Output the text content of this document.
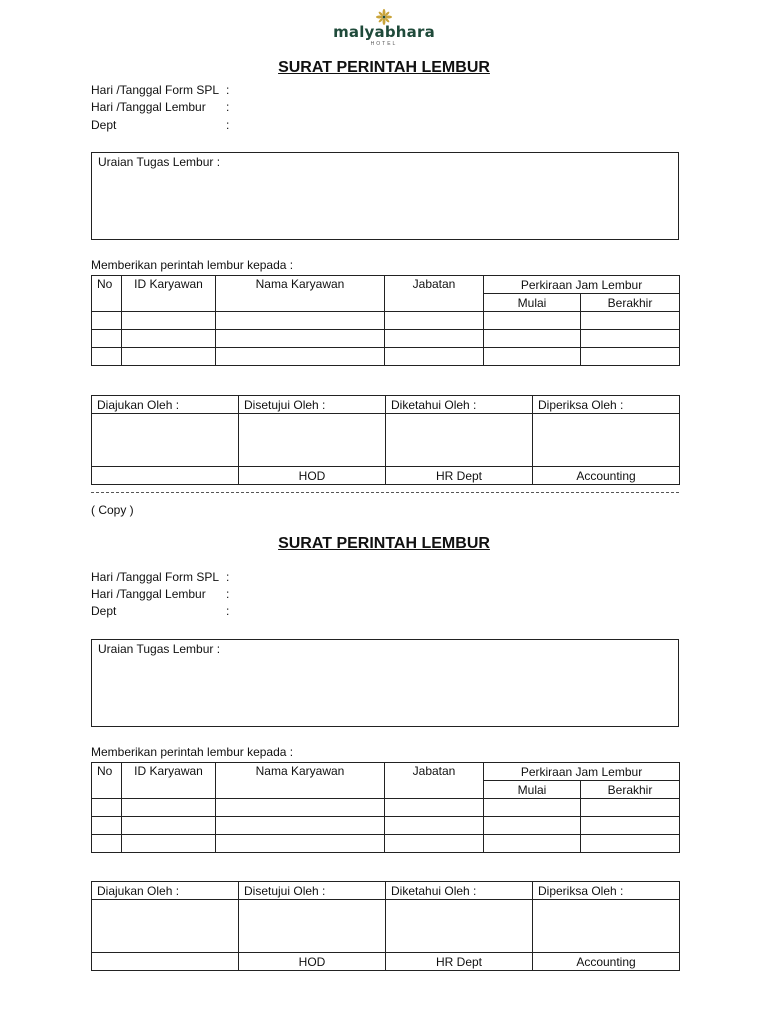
malyabhara
HOTEL
SURAT PERINTAH LEMBUR
Hari /Tanggal Form SPL :
Hari /Tanggal Lembur :
Dept	:
Uraian Tugas Lembur :
Memberikan perintah lembur kepada :
No	ID Karyawan	Nama Karyawan	Jabatan	Perkiraan Jam Lembur	
				Mulai	Berakhir

Diajukan Oleh :	Disetujui Oleh :	Diketahui Oleh :	Diperiksa Oleh :

	HOD	HR Dept	Accounting
( Copy )
SURAT PERINTAH LEMBUR
Hari /Tanggal Form SPL :
Hari /Tanggal Lembur :
Dept	:
Uraian Tugas Lembur :
Memberikan perintah lembur kepada :
No	ID Karyawan	Nama Karyawan	Jabatan	Perkiraan Jam Lembur	
				Mulai	Berakhir

Diajukan Oleh :	Disetujui Oleh :	Diketahui Oleh :	Diperiksa Oleh :

	HOD	HR Dept	Accounting
